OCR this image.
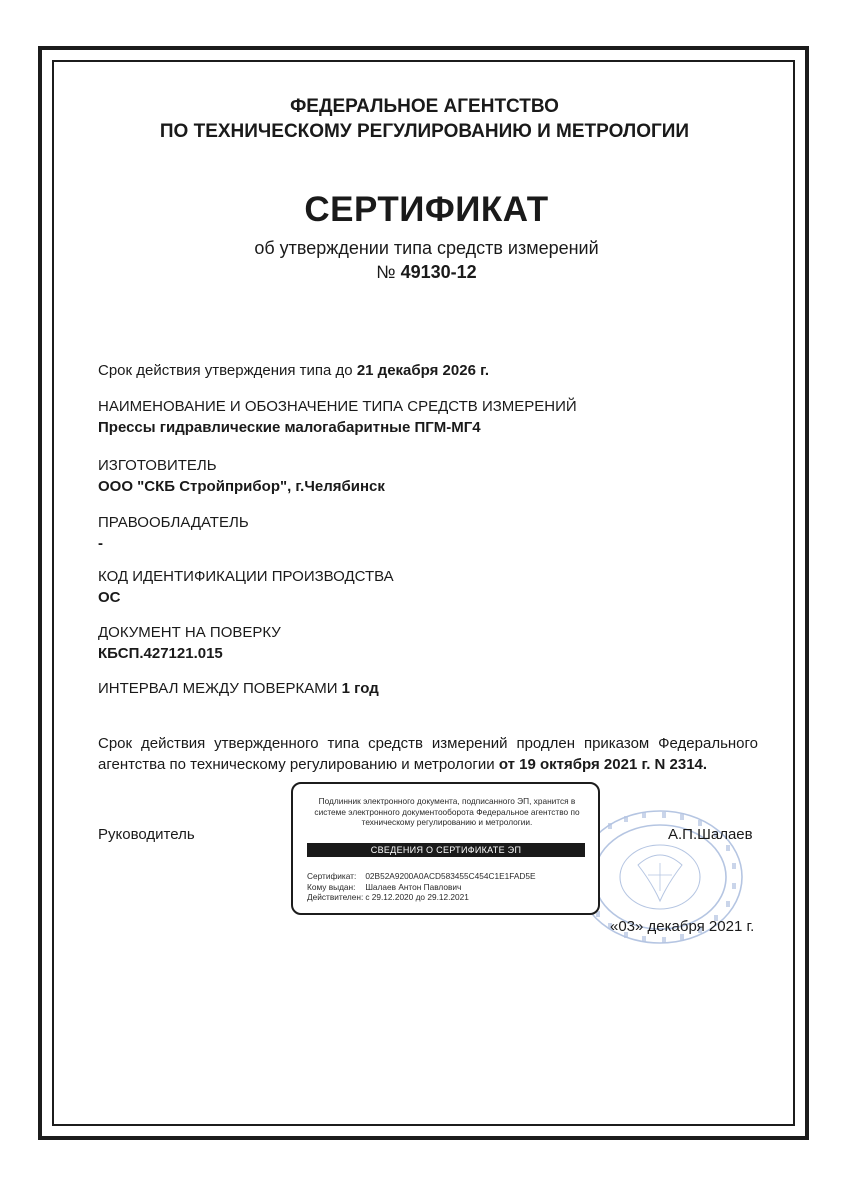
ФЕДЕРАЛЬНОЕ АГЕНТСТВО
ПО ТЕХНИЧЕСКОМУ РЕГУЛИРОВАНИЮ И МЕТРОЛОГИИ
СЕРТИФИКАТ
об утверждении типа средств измерений
№ 49130-12
Срок действия утверждения типа до 21 декабря 2026 г.
НАИМЕНОВАНИЕ И ОБОЗНАЧЕНИЕ ТИПА СРЕДСТВ ИЗМЕРЕНИЙ
Прессы гидравлические малогабаритные ПГМ-МГ4
ИЗГОТОВИТЕЛЬ
ООО "СКБ Стройприбор", г.Челябинск
ПРАВООБЛАДАТЕЛЬ
-
КОД ИДЕНТИФИКАЦИИ ПРОИЗВОДСТВА
ОС
ДОКУМЕНТ НА ПОВЕРКУ
КБСП.427121.015
ИНТЕРВАЛ МЕЖДУ ПОВЕРКАМИ 1 год
Срок действия утвержденного типа средств измерений продлен приказом Федерального
агентства по техническому регулированию и метрологии от 19 октября 2021 г. N 2314.
Руководитель	А.П.Шалаев
Подлинник электронного документа, подписанного ЭП, хранится в системе электронного документооборота Федеральное агентство по техническому регулированию и метрологии.
СВЕДЕНИЯ О СЕРТИФИКАТЕ ЭП
Сертификат: 02B52A9200A0ACD583455C454C1E1FAD5E
Кому выдан: Шалаев Антон Павлович
Действителен: с 29.12.2020 до 29.12.2021
«03» декабря 2021 г.
